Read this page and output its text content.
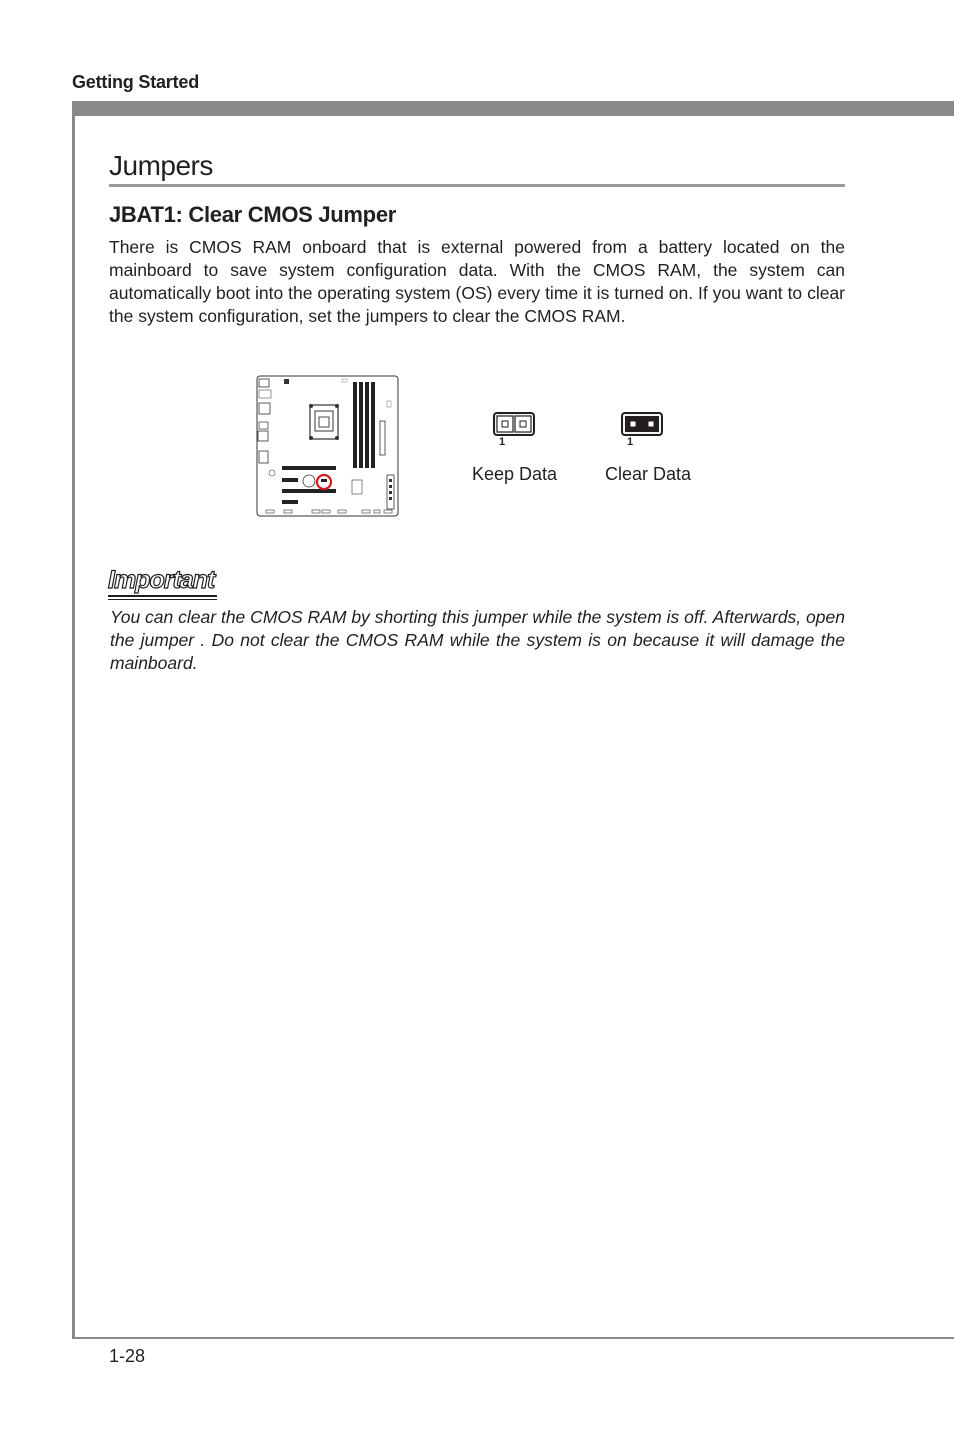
Getting Started
Jumpers
JBAT1: Clear CMOS Jumper
There is CMOS RAM onboard that is external powered from a battery located on the mainboard to save system configuration data. With the CMOS RAM, the system can automatically boot into the operating system (OS) every time it is turned on. If you want to clear the system configuration, set the jumpers to clear the CMOS RAM.
1
Keep Data
1
Clear Data
Important
You can clear the CMOS RAM by shorting this jumper while the system is off. Afterwards, open the jumper . Do not clear the CMOS RAM while the system is on because it will damage the mainboard.
1-28
